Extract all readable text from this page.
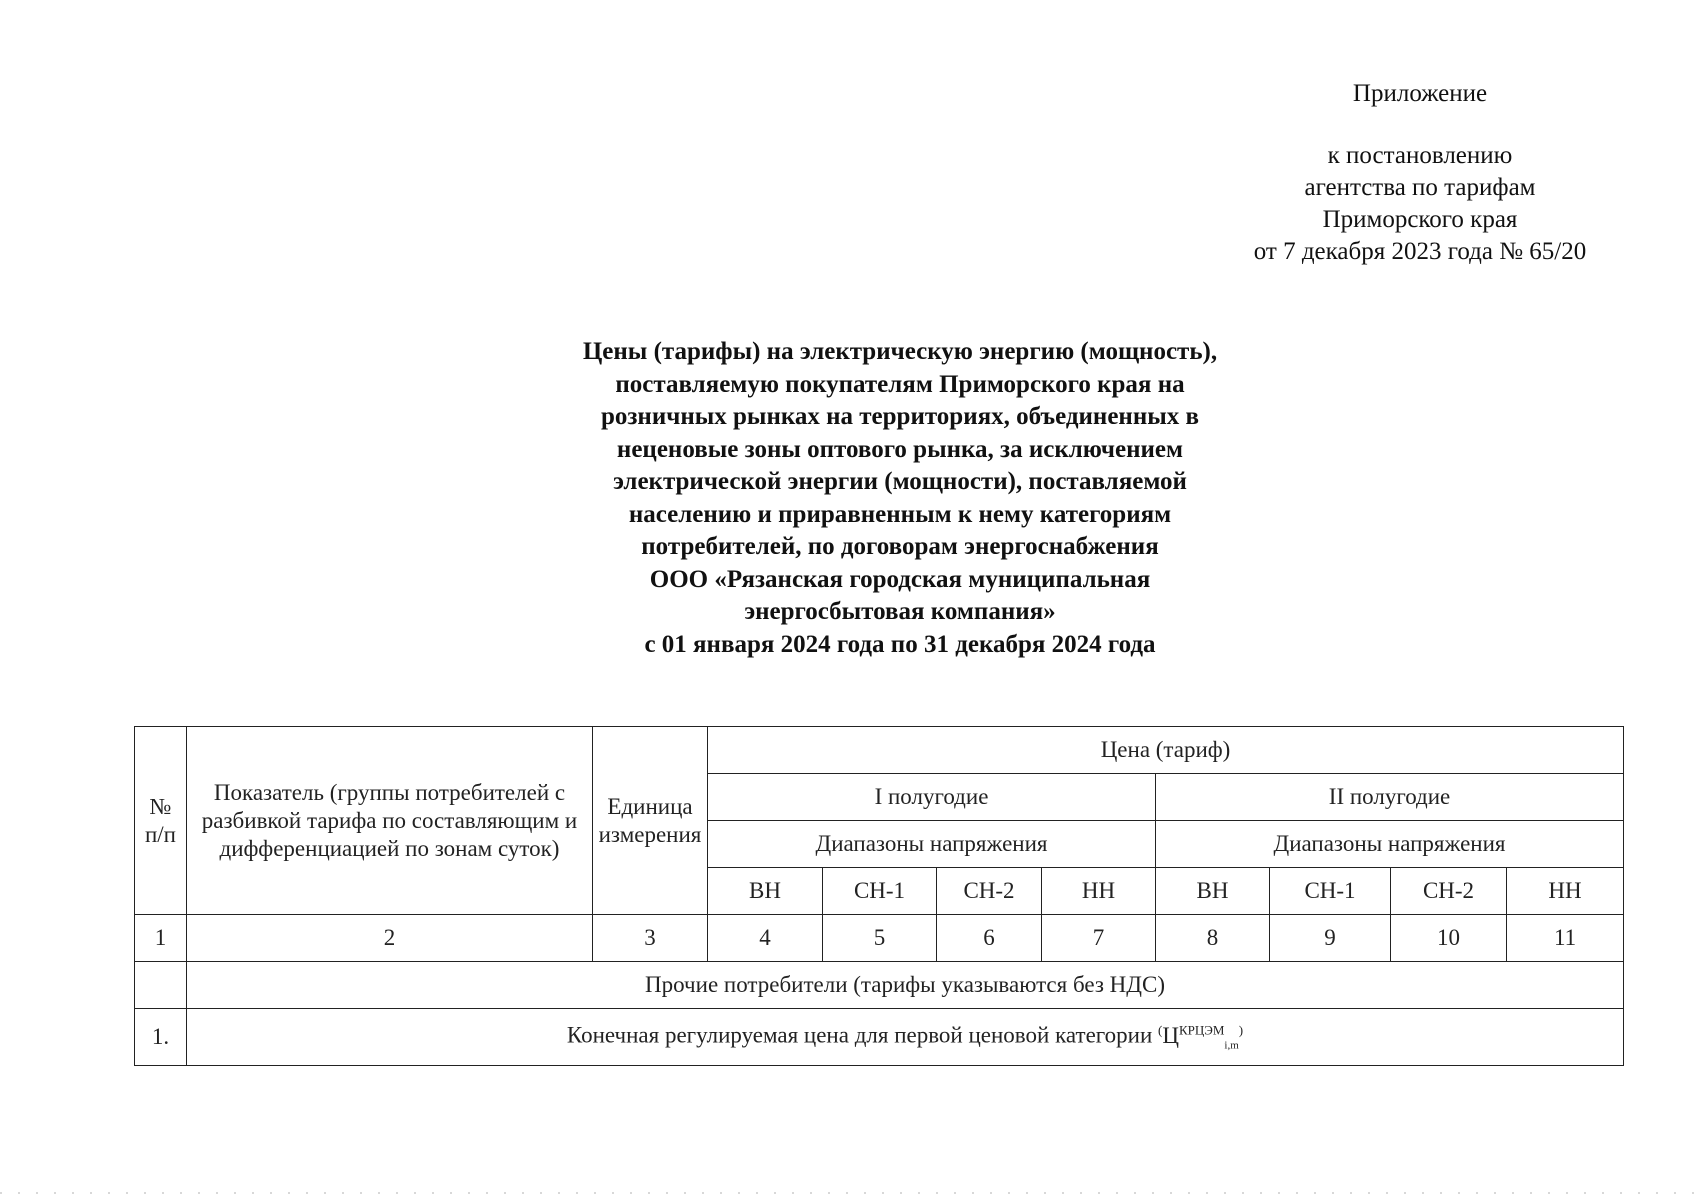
Приложение
к постановлению
агентства по тарифам
Приморского края
от 7 декабря 2023 года № 65/20
Цены (тарифы) на электрическую энергию (мощность),
поставляемую покупателям Приморского края на
розничных рынках на территориях, объединенных в
неценовые зоны оптового рынка, за исключением
электрической энергии (мощности), поставляемой
населению и приравненным к нему категориям
потребителей, по договорам энергоснабжения
ООО «Рязанская городская муниципальная
энергосбытовая компания»
с 01 января 2024 года по 31 декабря 2024 года
№ п/п	Показатель (группы потребителей с разбивкой тарифа по составляющим и дифференциацией по зонам суток)	Единица измерения	Цена (тариф)							
			I полугодие				II полугодие			
			Диапазоны напряжения				Диапазоны напряжения			
			ВН	СН-1	СН-2	НН	ВН	СН-1	СН-2	НН
1	2	3	4	5	6	7	8	9	10	11
	Прочие потребители (тарифы указываются без НДС)									
1.	Конечная регулируемая цена для первой ценовой категории $^(Ц^{КРЦЭМ}_{i,m}^)$
